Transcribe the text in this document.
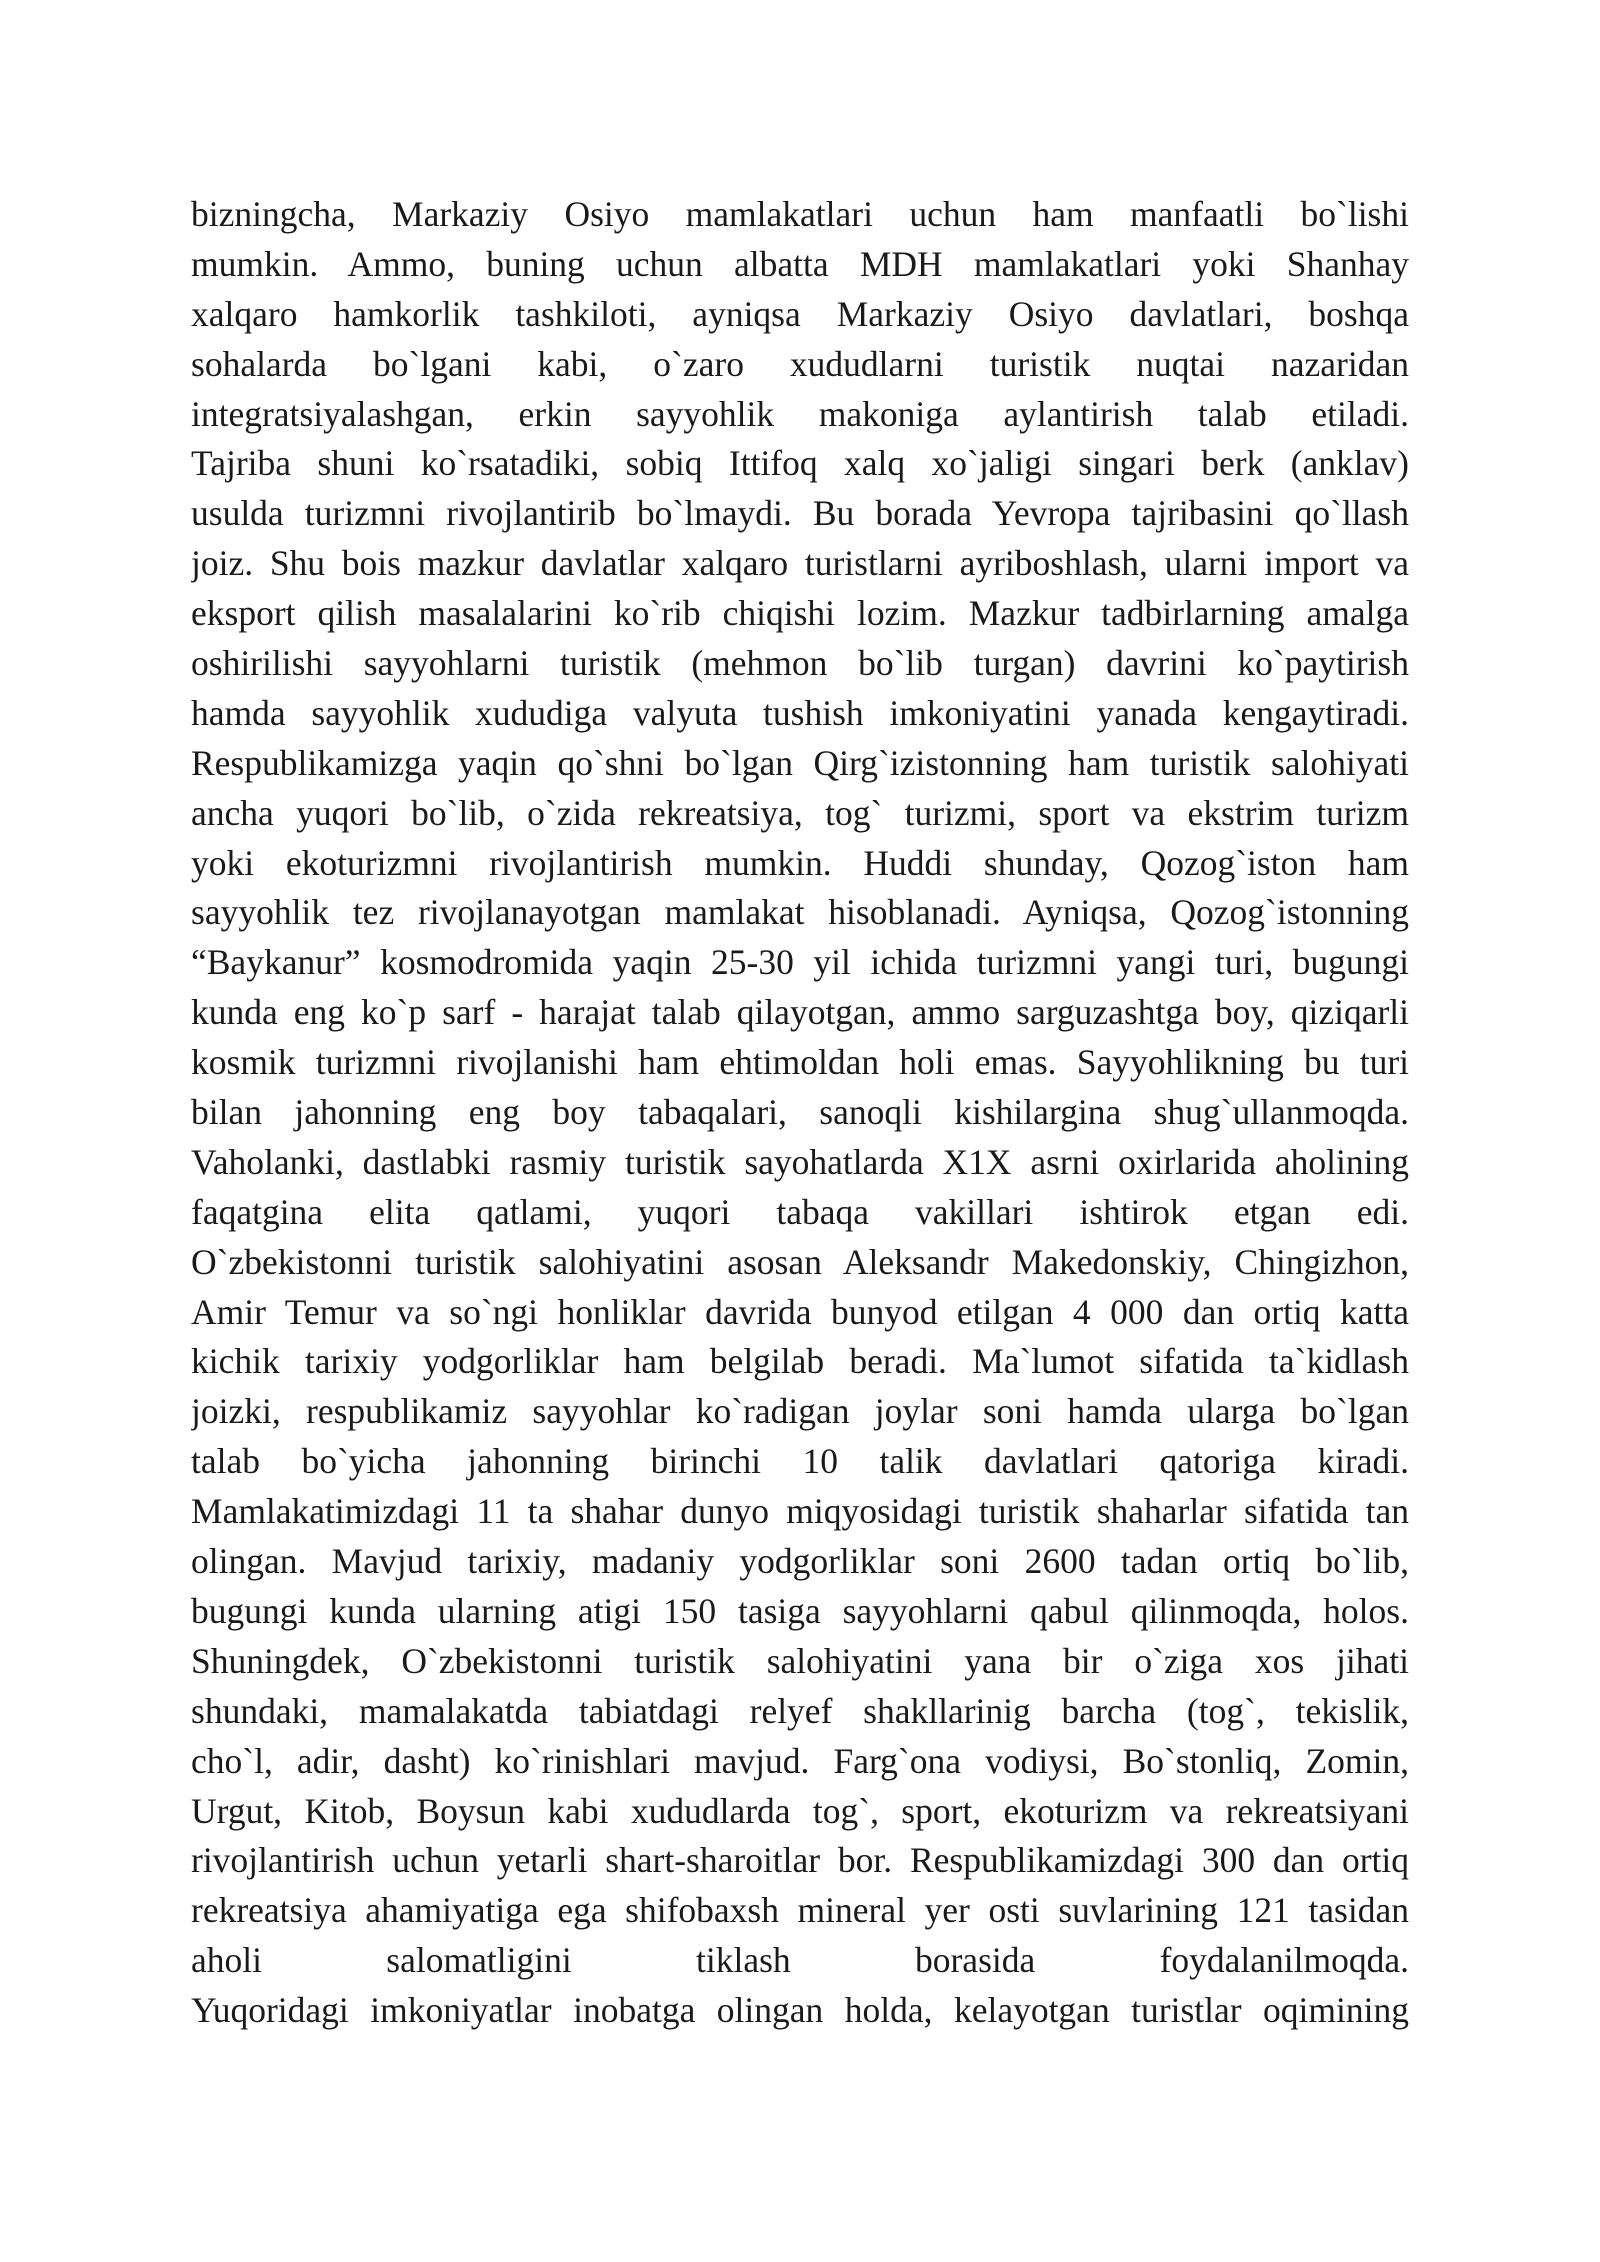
bizningcha, Markaziy Osiyo mamlakatlari uchun ham manfaatli bo`lishi
mumkin. Ammo, buning uchun albatta MDH mamlakatlari yoki Shanhay
xalqaro hamkorlik tashkiloti, ayniqsa Markaziy Osiyo davlatlari, boshqa
sohalarda bo`lgani kabi, o`zaro xududlarni turistik nuqtai nazaridan
integratsiyalashgan, erkin sayyohlik makoniga aylantirish talab etiladi.
Tajriba shuni ko`rsatadiki, sobiq Ittifoq xalq xo`jaligi singari berk (anklav)
usulda turizmni rivojlantirib bo`lmaydi. Bu borada Yevropa tajribasini qo`llash
joiz. Shu bois mazkur davlatlar xalqaro turistlarni ayriboshlash, ularni import va
eksport qilish masalalarini ko`rib chiqishi lozim. Mazkur tadbirlarning amalga
oshirilishi sayyohlarni turistik (mehmon bo`lib turgan) davrini ko`paytirish
hamda sayyohlik xududiga valyuta tushish imkoniyatini yanada kengaytiradi.
Respublikamizga yaqin qo`shni bo`lgan Qirg`izistonning ham turistik salohiyati
ancha yuqori bo`lib, o`zida rekreatsiya, tog` turizmi, sport va ekstrim turizm
yoki ekoturizmni rivojlantirish mumkin. Huddi shunday, Qozog`iston ham
sayyohlik tez rivojlanayotgan mamlakat hisoblanadi. Ayniqsa, Qozog`istonning
“Baykanur” kosmodromida yaqin 25-30 yil ichida turizmni yangi turi, bugungi
kunda eng ko`p sarf - harajat talab qilayotgan, ammo sarguzashtga boy, qiziqarli
kosmik turizmni rivojlanishi ham ehtimoldan holi emas. Sayyohlikning bu turi
bilan jahonning eng boy tabaqalari, sanoqli kishilargina shug`ullanmoqda.
Vaholanki, dastlabki rasmiy turistik sayohatlarda X1X asrni oxirlarida aholining
faqatgina elita qatlami, yuqori tabaqa vakillari ishtirok etgan edi.
O`zbekistonni turistik salohiyatini asosan Aleksandr Makedonskiy, Chingizhon,
Amir Temur va so`ngi honliklar davrida bunyod etilgan 4 000 dan ortiq katta
kichik tarixiy yodgorliklar ham belgilab beradi. Ma`lumot sifatida ta`kidlash
joizki, respublikamiz sayyohlar ko`radigan joylar soni hamda ularga bo`lgan
talab bo`yicha jahonning birinchi 10 talik davlatlari qatoriga kiradi.
Mamlakatimizdagi 11 ta shahar dunyo miqyosidagi turistik shaharlar sifatida tan
olingan. Mavjud tarixiy, madaniy yodgorliklar soni 2600 tadan ortiq bo`lib,
bugungi kunda ularning atigi 150 tasiga sayyohlarni qabul qilinmoqda, holos.
Shuningdek, O`zbekistonni turistik salohiyatini yana bir o`ziga xos jihati
shundaki, mamalakatda tabiatdagi relyef shakllarinig barcha (tog`, tekislik,
cho`l, adir, dasht) ko`rinishlari mavjud. Farg`ona vodiysi, Bo`stonliq, Zomin,
Urgut, Kitob, Boysun kabi xududlarda tog`, sport, ekoturizm va rekreatsiyani
rivojlantirish uchun yetarli shart-sharoitlar bor. Respublikamizdagi 300 dan ortiq
rekreatsiya ahamiyatiga ega shifobaxsh mineral yer osti suvlarining 121 tasidan
aholi salomatligini tiklash borasida foydalanilmoqda.
Yuqoridagi imkoniyatlar inobatga olingan holda, kelayotgan turistlar oqimining
